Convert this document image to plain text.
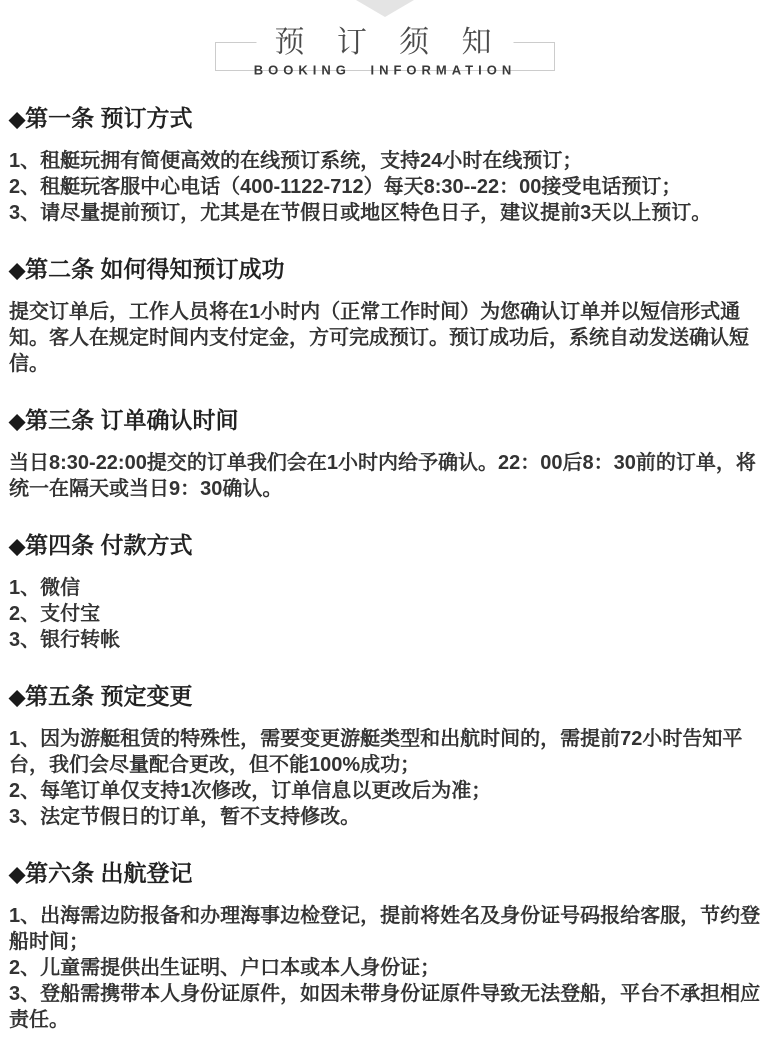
预 订 须 知
BOOKING INFORMATION
◆第一条 预订方式

1、租艇玩拥有简便高效的在线预订系统，支持24小时在线预订；

2、租艇玩客服中心电话（400-1122-712）每天8:30--22：00接受电话预订；

3、请尽量提前预订，尤其是在节假日或地区特色日子，建议提前3天以上预订。

◆第二条 如何得知预订成功

提交订单后，工作人员将在1小时内（正常工作时间）为您确认订单并以短信形式通知。客人在规定时间内支付定金，方可完成预订。预订成功后，系统自动发送确认短信。

◆第三条 订单确认时间

当日8:30-22:00提交的订单我们会在1小时内给予确认。22：00后8：30前的订单，将统一在隔天或当日9：30确认。

◆第四条 付款方式

1、微信

2、支付宝

3、银行转帐

◆第五条 预定变更

1、因为游艇租赁的特殊性，需要变更游艇类型和出航时间的，需提前72小时告知平台，我们会尽量配合更改，但不能100%成功；

2、每笔订单仅支持1次修改，订单信息以更改后为准；

3、法定节假日的订单，暂不支持修改。

◆第六条 出航登记

1、出海需边防报备和办理海事边检登记，提前将姓名及身份证号码报给客服，节约登船时间；

2、儿童需提供出生证明、户口本或本人身份证；

3、登船需携带本人身份证原件，如因未带身份证原件导致无法登船，平台不承担相应责任。
